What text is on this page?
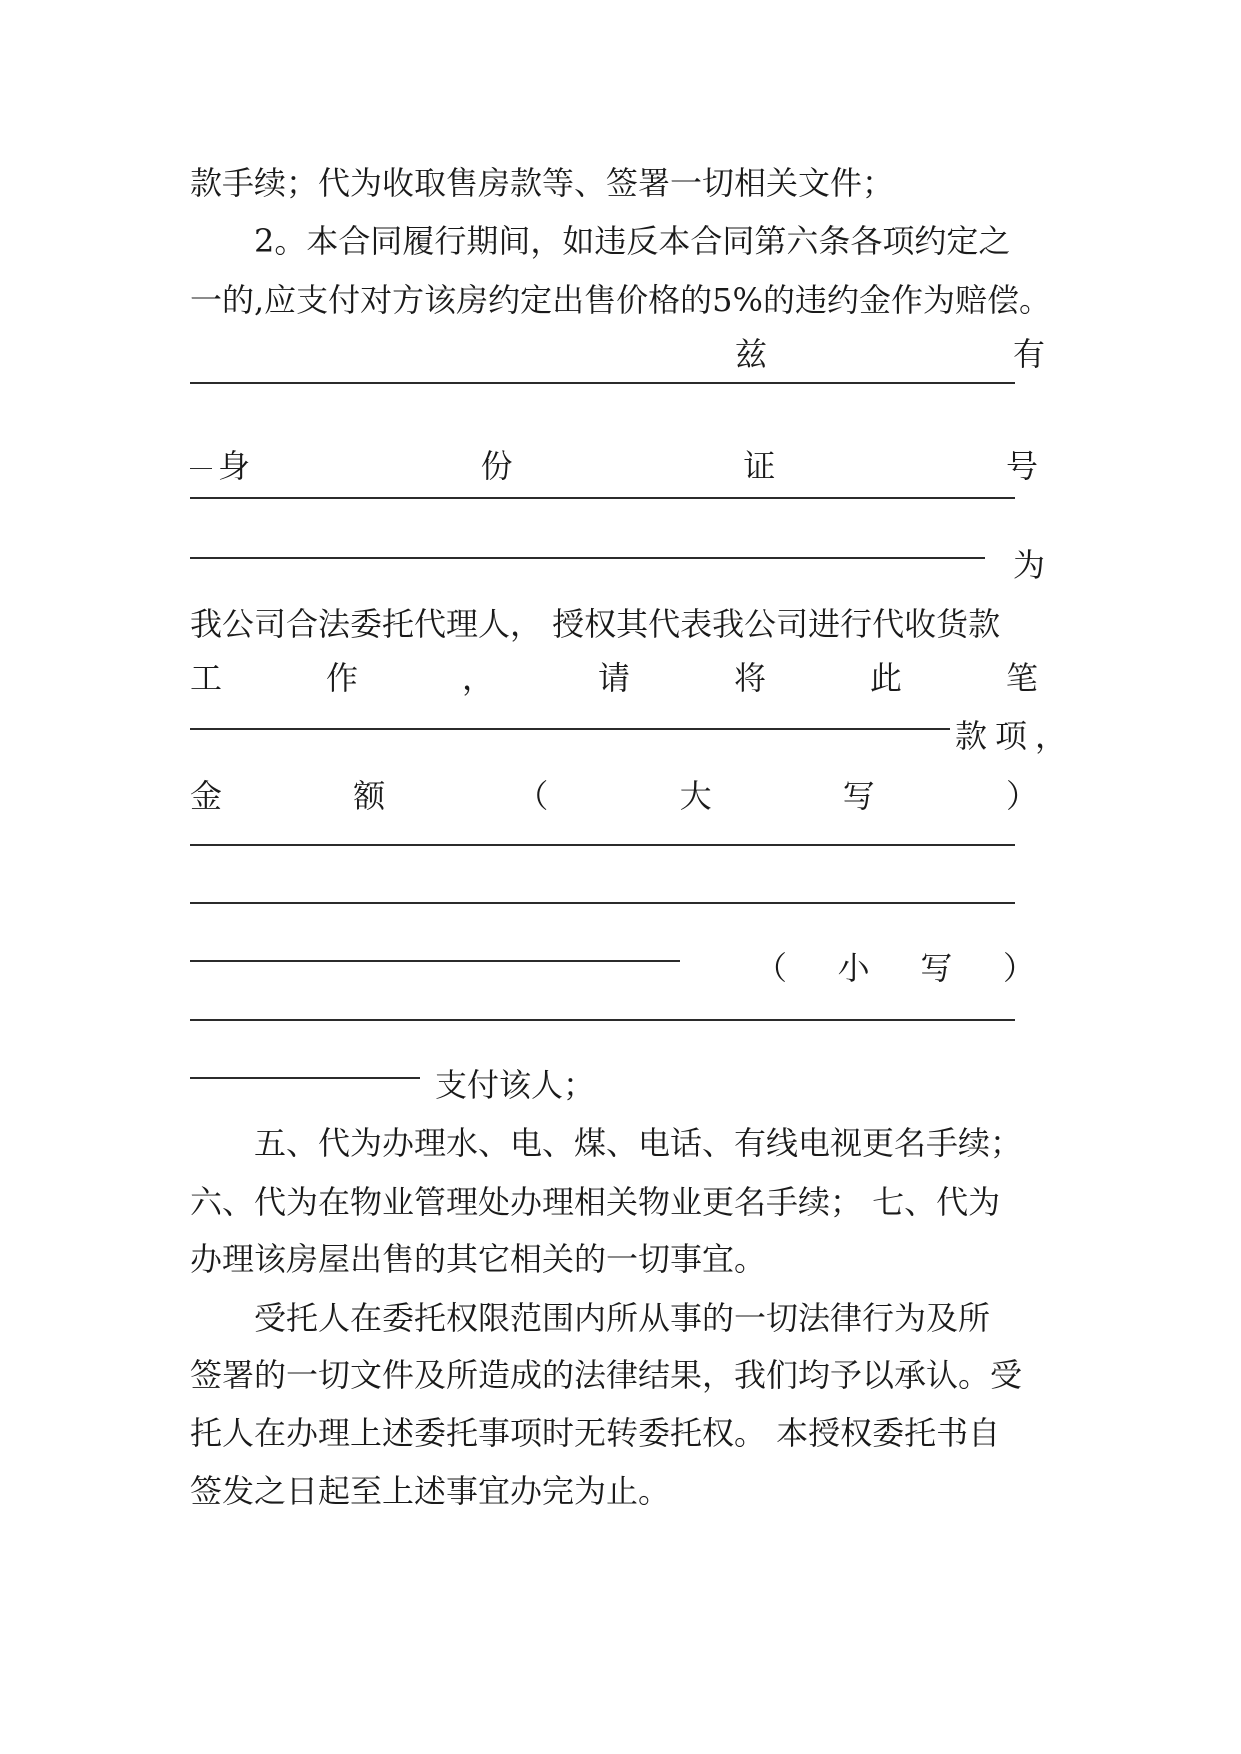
款手续；代为收取售房款等、签署一切相关文件；
2。本合同履行期间，如违反本合同第六条各项约定之
一的,应支付对方该房约定出售价格的5%的违约金作为赔偿。
兹	有
身	份	证	号
为
我公司合法委托代理人， 授权其代表我公司进行代收货款
工	作	，	请	将	此	笔
款 项 ，
金	额	（	大	写	）
（ 小 写 ）
支付该人；
五、代为办理水、电、煤、电话、有线电视更名手续；
六、代为在物业管理处办理相关物业更名手续； 七、代为
办理该房屋出售的其它相关的一切事宜。
受托人在委托权限范围内所从事的一切法律行为及所
签署的一切文件及所造成的法律结果，我们均予以承认。受
托人在办理上述委托事项时无转委托权。 本授权委托书自
签发之日起至上述事宜办完为止。
